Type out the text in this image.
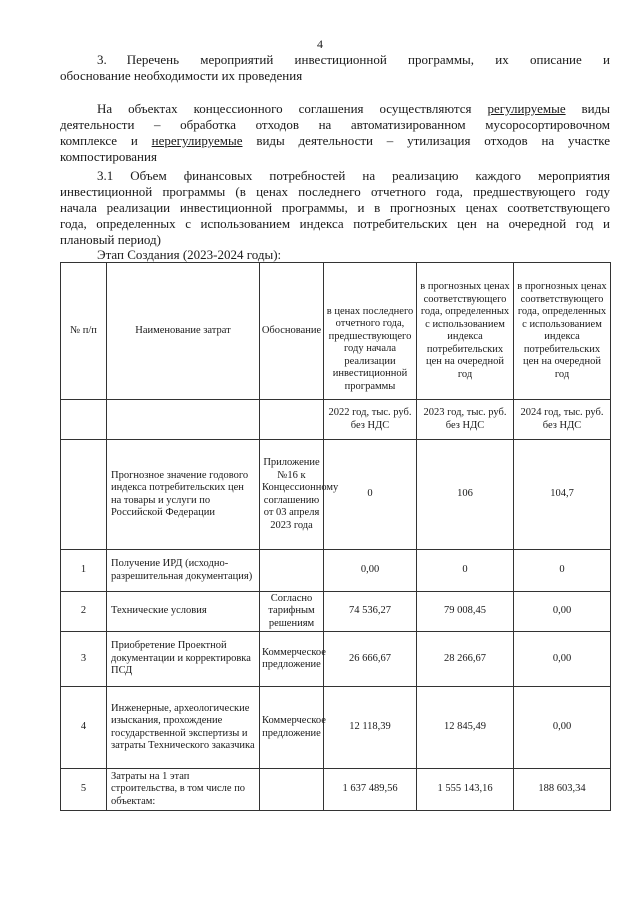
4
3. Перечень мероприятий инвестиционной программы, их описание и
обоснование необходимости их проведения
На объектах концессионного соглашения осуществляются регулируемые виды
деятельности – обработка отходов на автоматизированном мусоросортировочном
комплексе и нерегулируемые виды деятельности – утилизация отходов на участке
компостирования
3.1 Объем финансовых потребностей на реализацию каждого мероприятия
инвестиционной программы (в ценах последнего отчетного года, предшествующего году
начала реализации инвестиционной программы, и в прогнозных ценах соответствующего
года, определенных с использованием индекса потребительских цен на очередной год и
плановый период)
Этап Создания (2023-2024 годы):
№ п/п	Наименование затрат	Обоснование	в ценах последнего отчетного года, предшествующего году начала реализации инвестиционной программы	в прогнозных ценах соответствующего года, определенных с использованием индекса потребительских цен на очередной год	в прогнозных ценах соответствующего года, определенных с использованием индекса потребительских цен на очередной год
			2022 год, тыс. руб. без НДС	2023 год, тыс. руб. без НДС	2024 год, тыс. руб. без НДС
	Прогнозное значение годового индекса потребительских цен на товары и услуги по Российской Федерации	Приложение №16 к Концессионному соглашению от 03 апреля 2023 года	0	106	104,7
1	Получение ИРД (исходно-разрешительная документация)		0,00	0	0
2	Технические условия	Согласно тарифным решениям	74 536,27	79 008,45	0,00
3	Приобретение Проектной документации и корректировка ПСД	Коммерческое предложение	26 666,67	28 266,67	0,00
4	Инженерные, археологические изыскания, прохождение государственной экспертизы и затраты Технического заказчика	Коммерческое предложение	12 118,39	12 845,49	0,00
5	Затраты на 1 этап строительства, в том числе по объектам:		1 637 489,56	1 555 143,16	188 603,34
